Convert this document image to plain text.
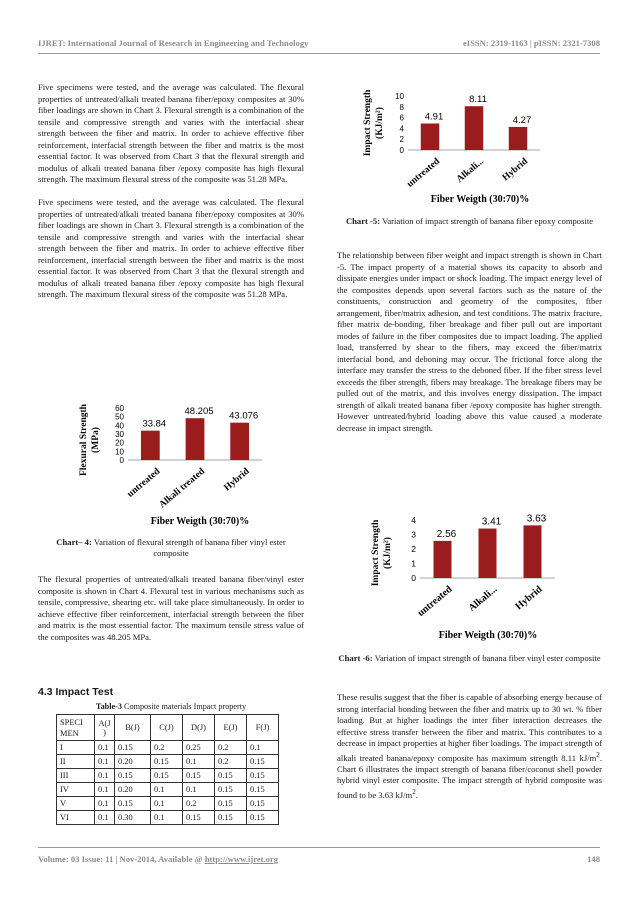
IJRET: International Journal of Research in Engineering and Technology	eISSN: 2319-1163 | pISSN: 2321-7308

Five specimens were tested, and the average was calculated. The flexural properties of untreated/alkali treated banana fiber/epoxy composites at 30% fiber loadings are shown in Chart 3. Flexural strength is a combination of the tensile and compressive strength and varies with the interfacial shear strength between the fiber and matrix. In order to achieve effective fiber reinforcement, interfacial strength between the fiber and matrix is the most essential factor. It was observed from Chart 3 that the flexural strength and modulus of alkali treated banana fiber /epoxy composite has high flexural strength. The maximum flexural stress of the composite was 51.28 MPa.

Five specimens were tested, and the average was calculated. The flexural properties of untreated/alkali treated banana fiber/epoxy composites at 30% fiber loadings are shown in Chart 3. Flexural strength is a combination of the tensile and compressive strength and varies with the interfacial shear strength between the fiber and matrix. In order to achieve effective fiber reinforcement, interfacial strength between the fiber and matrix is the most essential factor. It was observed from Chart 3 that the flexural strength and modulus of alkali treated banana fiber /epoxy composite has high flexural strength. The maximum flexural stress of the composite was 51.28 MPa.

Flexural Strength (MPa)
0
10
20
30
40
50
60
33.84
untreated
48.205
Alkali treated
43.076
Hybrid
Fiber Weigth (30:70)%
Chart– 4: Variation of flexural strength of banana fiber vinyl ester composite

The flexural properties of untreated/alkali treated banana fiber/vinyl ester composite is shown in Chart 4. Flexural test in various mechanisms such as tensile, compressive, shearing etc. will take place simultaneously. In order to achieve effective fiber reinforcement, interfacial strength between the fiber and matrix is the most essential factor. The maximum tensile stress value of the composites was 48.205 MPa.

4.3 Impact Test
Table-3 Composite materials Impact property
SPECI MEN	A(J )	B(J)	C(J)	D(J)	E(J)	F(J)
I	0.1	0.15	0.2	0.25	0.2	0.1
II	0.1	0.20	0.15	0.1	0.2	0.15
III	0.1	0.15	0.15	0.15	0.15	0.15
IV	0.1	0.20	0.1	0.1	0.15	0.15
V	0.1	0.15	0.1	0.2	0.15	0.15
VI	0.1	0.30	0.1	0.15	0.15	0.15
Impact Strength (KJ/m²)
0
2
4
6
8
10
4.91
untreated
8.11
Alkali...
4.27
Hybrid
Fiber Weigth (30:70)%
Chart -5: Variation of impact strength of banana fiber epoxy composite

The relationship between fiber weight and impact strength is shown in Chart -5. The impact property of a material shows its capacity to absorb and dissipate energies under impact or shock loading. The impact energy level of the composites depends upon several factors such as the nature of the constituents, construction and geometry of the composites, fiber arrangement, fiber/matrix adhesion, and test conditions. The matrix fracture, fiber matrix de-bonding, fiber breakage and fiber pull out are important modes of failure in the fiber composites due to impact loading. The applied load, transferred by shear to the fibers, may exceed the fiber/matrix interfacial bond, and deboning may occur. The frictional force along the interface may transfer the stress to the deboned fiber. If the fiber stress level exceeds the fiber strength, fibers may breakage. The breakage fibers may be pulled out of the matrix, and this involves energy dissipation. The impact strength of alkali treated banana fiber /epoxy composite has higher strength. However untreated/hybrid loading above this value caused a moderate decrease in impact strength.

Impact Strength (KJ/m²)
0
1
2
3
4
2.56
untreated
3.41
Alkali...
3.63
Hybrid
Fiber Weigth (30:70)%
Chart -6: Variation of impact strength of banana fiber vinyl ester composite

These results suggest that the fiber is capable of absorbing energy because of strong interfacial bonding between the fiber and matrix up to 30 wt. % fiber loading. But at higher loadings the inter fiber interaction decreases the effective stress transfer between the fiber and matrix. This contributes to a decrease in impact properties at higher fiber loadings. The impact strength of alkali treated banana/epoxy composite has maximum strength 8.11 $kJ/m^2$. Chart 6 illustrates the impact strength of banana fiber/coconut shell powder hybrid vinyl ester composite. The impact strength of hybrid composite was found to be 3.63 $kJ/m^2$.

Volume: 03 Issue: 11 | Nov-2014, Available @ http://www.ijret.org	148
